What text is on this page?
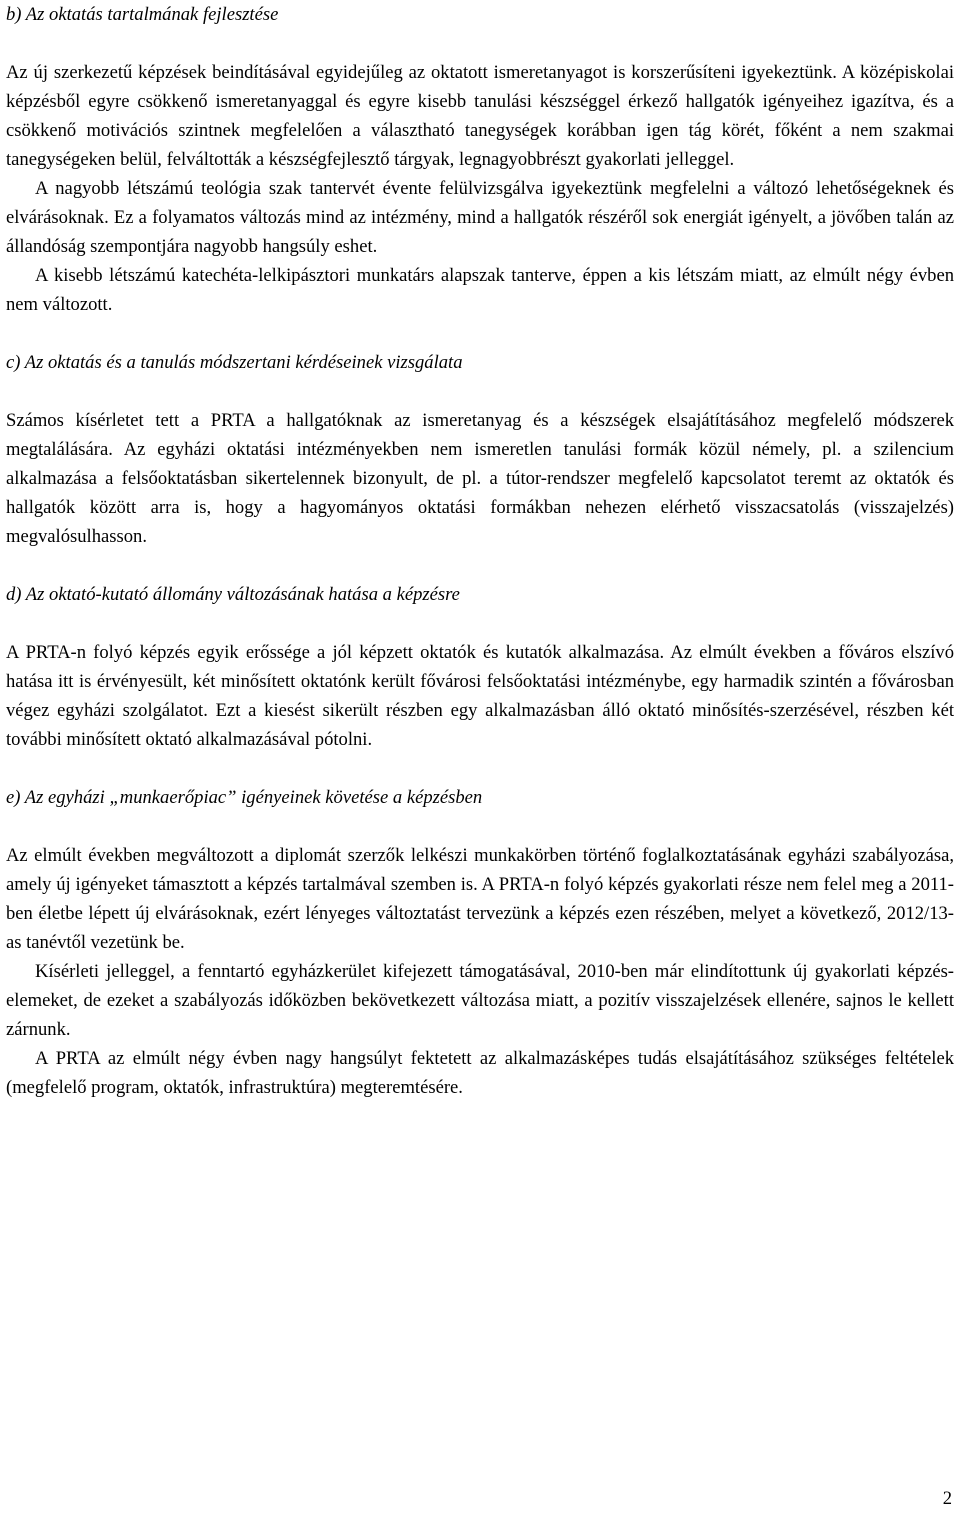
b) Az oktatás tartalmának fejlesztése

Az új szerkezetű képzések beindításával egyidejűleg az oktatott ismeretanyagot is korszerűsíteni igyekeztünk. A középiskolai képzésből egyre csökkenő ismeretanyaggal és egyre kisebb tanulási készséggel érkező hallgatók igényeihez igazítva, és a csökkenő motivációs szintnek megfelelően a választható tanegységek korábban igen tág körét, főként a nem szakmai tanegységeken belül, felváltották a készségfejlesztő tárgyak, legnagyobbrészt gyakorlati jelleggel.

A nagyobb létszámú teológia szak tantervét évente felülvizsgálva igyekeztünk megfelelni a változó lehetőségeknek és elvárásoknak. Ez a folyamatos változás mind az intézmény, mind a hallgatók részéről sok energiát igényelt, a jövőben talán az állandóság szempontjára nagyobb hangsúly eshet.

A kisebb létszámú katechéta-lelkipásztori munkatárs alapszak tanterve, éppen a kis létszám miatt, az elmúlt négy évben nem változott.

c) Az oktatás és a tanulás módszertani kérdéseinek vizsgálata

Számos kísérletet tett a PRTA a hallgatóknak az ismeretanyag és a készségek elsajátításához megfelelő módszerek megtalálására. Az egyházi oktatási intézményekben nem ismeretlen tanulási formák közül némely, pl. a szilencium alkalmazása a felsőoktatásban sikertelennek bizonyult, de pl. a tútor-rendszer megfelelő kapcsolatot teremt az oktatók és hallgatók között arra is, hogy a hagyományos oktatási formákban nehezen elérhető visszacsatolás (visszajelzés) megvalósulhasson.

d) Az oktató-kutató állomány változásának hatása a képzésre

A PRTA-n folyó képzés egyik erőssége a jól képzett oktatók és kutatók alkalmazása. Az elmúlt években a főváros elszívó hatása itt is érvényesült, két minősített oktatónk került fővárosi felsőoktatási intézménybe, egy harmadik szintén a fővárosban végez egyházi szolgálatot. Ezt a kiesést sikerült részben egy alkalmazásban álló oktató minősítés-szerzésével, részben két további minősített oktató alkalmazásával pótolni.

e) Az egyházi „munkaerőpiac” igényeinek követése a képzésben

Az elmúlt években megváltozott a diplomát szerzők lelkészi munkakörben történő foglalkoztatásának egyházi szabályozása, amely új igényeket támasztott a képzés tartalmával szemben is. A PRTA-n folyó képzés gyakorlati része nem felel meg a 2011-ben életbe lépett új elvárásoknak, ezért lényeges változtatást tervezünk a képzés ezen részében, melyet a következő, 2012/13-as tanévtől vezetünk be.

Kísérleti jelleggel, a fenntartó egyházkerület kifejezett támogatásával, 2010-ben már elindítottunk új gyakorlati képzés-elemeket, de ezeket a szabályozás időközben bekövetkezett változása miatt, a pozitív visszajelzések ellenére, sajnos le kellett zárnunk.

A PRTA az elmúlt négy évben nagy hangsúlyt fektetett az alkalmazásképes tudás elsajátításához szükséges feltételek (megfelelő program, oktatók, infrastruktúra) megteremtésére.

2
